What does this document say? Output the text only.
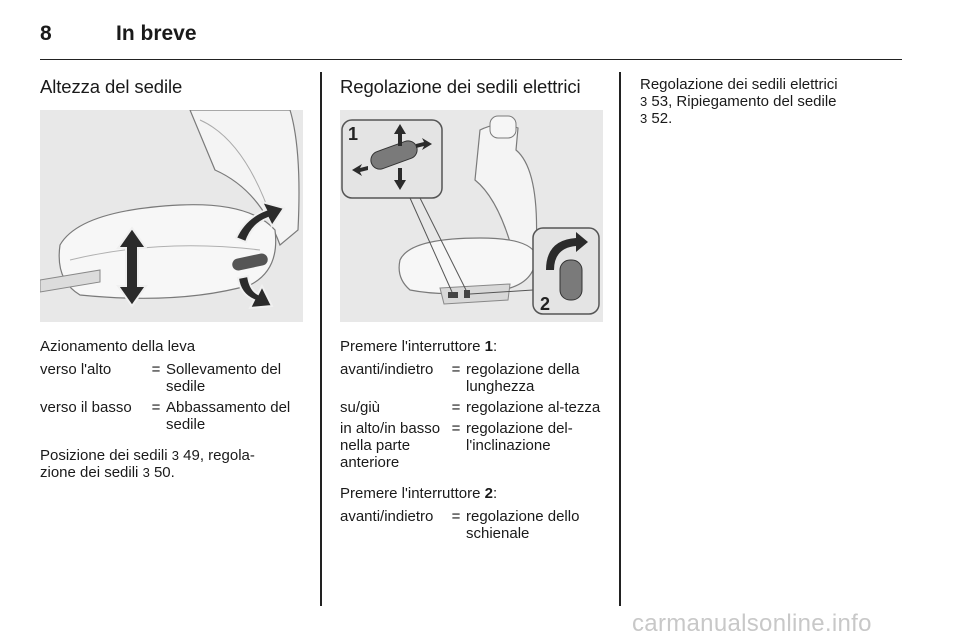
8	In breve
Altezza del sedile
Azionamento della leva
verso l'alto	=	Sollevamento del sedile
verso il basso	=	Abbassamento del sedile
Posizione dei sedili 3 49, regola-
zione dei sedili 3 50.
Regolazione dei sedili elettrici
1
2
Premere l'interruttore 1:
avanti/indietro	=	regolazione della lunghezza
su/giù	=	regolazione al-tezza
in alto/in basso nella parte anteriore	=	regolazione del-l'inclinazione
Premere l'interruttore 2:
avanti/indietro	=	regolazione dello schienale
Regolazione dei sedili elettrici
3 53, Ripiegamento del sedile
3 52.
carmanualsonline.info
